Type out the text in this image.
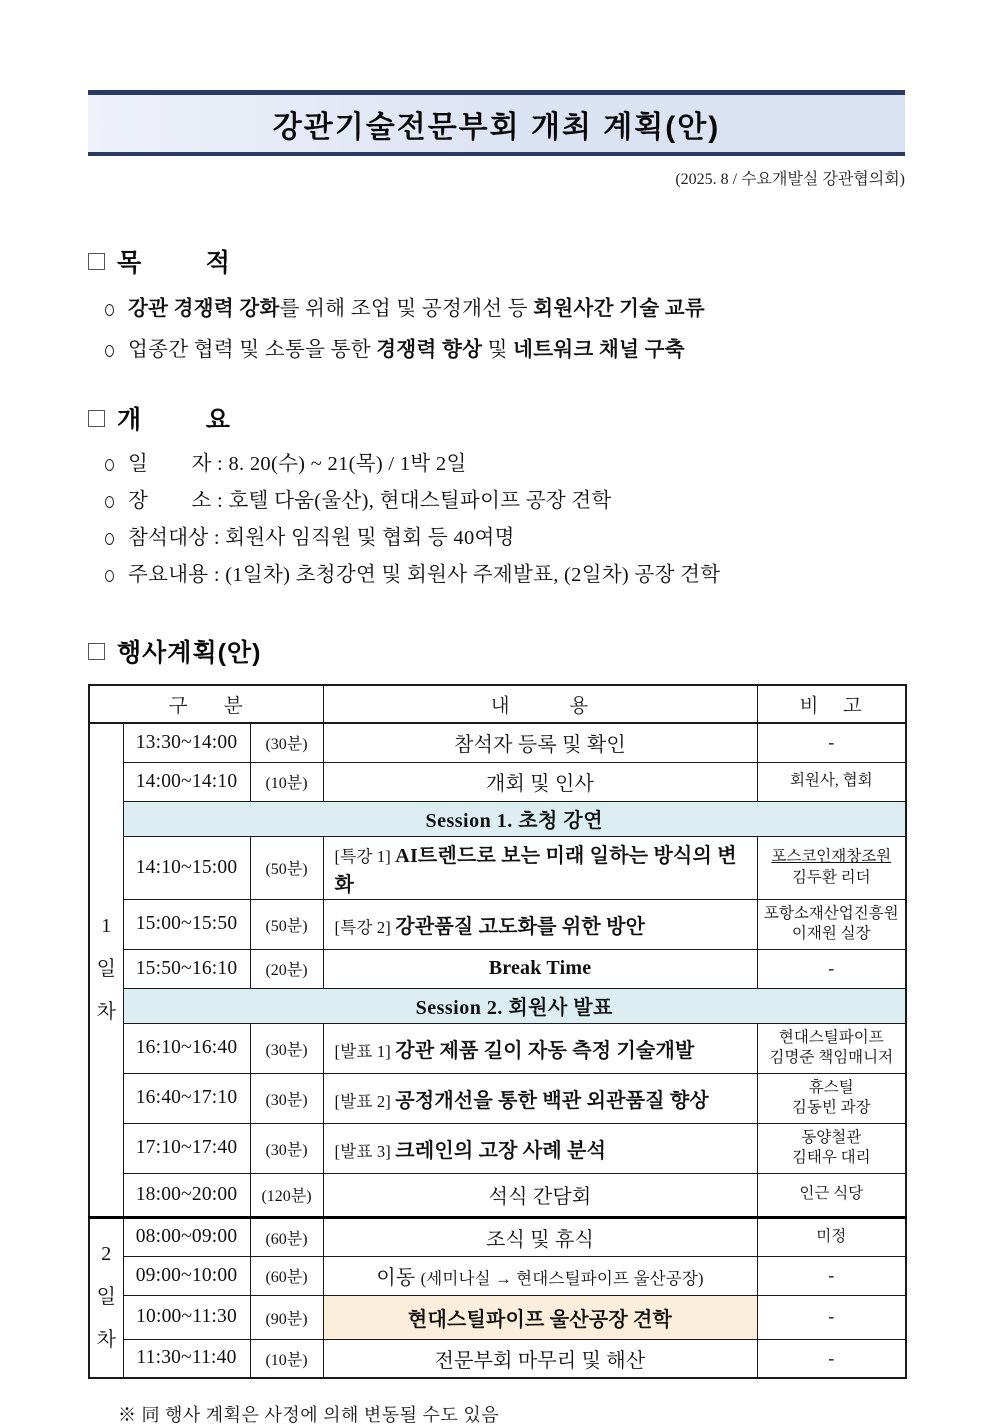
강관기술전문부회 개최 계획(안)
(2025. 8 / 수요개발실 강관협의회)
목        적
강관 경쟁력 강화를 위해 조업 및 공정개선 등 회원사간 기술 교류
업종간 협력 및 소통을 통한 경쟁력 향상 및 네트워크 채널 구축
개        요
일        자 : 8. 20(수) ~ 21(목) / 1박 2일
장        소 : 호텔 다움(울산), 현대스틸파이프 공장 견학
참석대상 : 회원사 임직원 및 협회 등 40여명
주요내용 : (1일차) 초청강연 및 회원사 주제발표, (2일차) 공장 견학
행사계획(안)
구      분			내          용	비    고

1
일
차	13:30~14:00	(30분)	참석자 등록 및 확인	-

	14:00~14:10	(10분)	개회 및 인사	회원사, 협회

	Session 1. 초청 강연			
	14:10~15:00	(50분)	[특강 1] AI트렌드로 보는 미래 일하는 방식의 변화	포스코인재창조원
김두환 리더

	15:00~15:50	(50분)	[특강 2] 강관품질 고도화를 위한 방안	포항소재산업진흥원
이재원 실장

	15:50~16:10	(20분)	Break Time	-

	Session 2. 회원사 발표			
	16:10~16:40	(30분)	[발표 1] 강관 제품 길이 자동 측정 기술개발	현대스틸파이프
김명준 책임매니저

	16:40~17:10	(30분)	[발표 2] 공정개선을 통한 백관 외관품질 향상	휴스틸
김동빈 과장

	17:10~17:40	(30분)	[발표 3] 크레인의 고장 사례 분석	동양철관
김태우 대리

	18:00~20:00	(120분)	석식 간담회	인근 식당

2
일
차	08:00~09:00	(60분)	조식 및 휴식	미정

	09:00~10:00	(60분)	이동 (세미나실 → 현대스틸파이프 울산공장)	-

	10:00~11:30	(90분)	현대스틸파이프 울산공장 견학	-

	11:30~11:40	(10분)	전문부회 마무리 및 해산	-
※ 同 행사 계획은 사정에 의해 변동될 수도 있음
